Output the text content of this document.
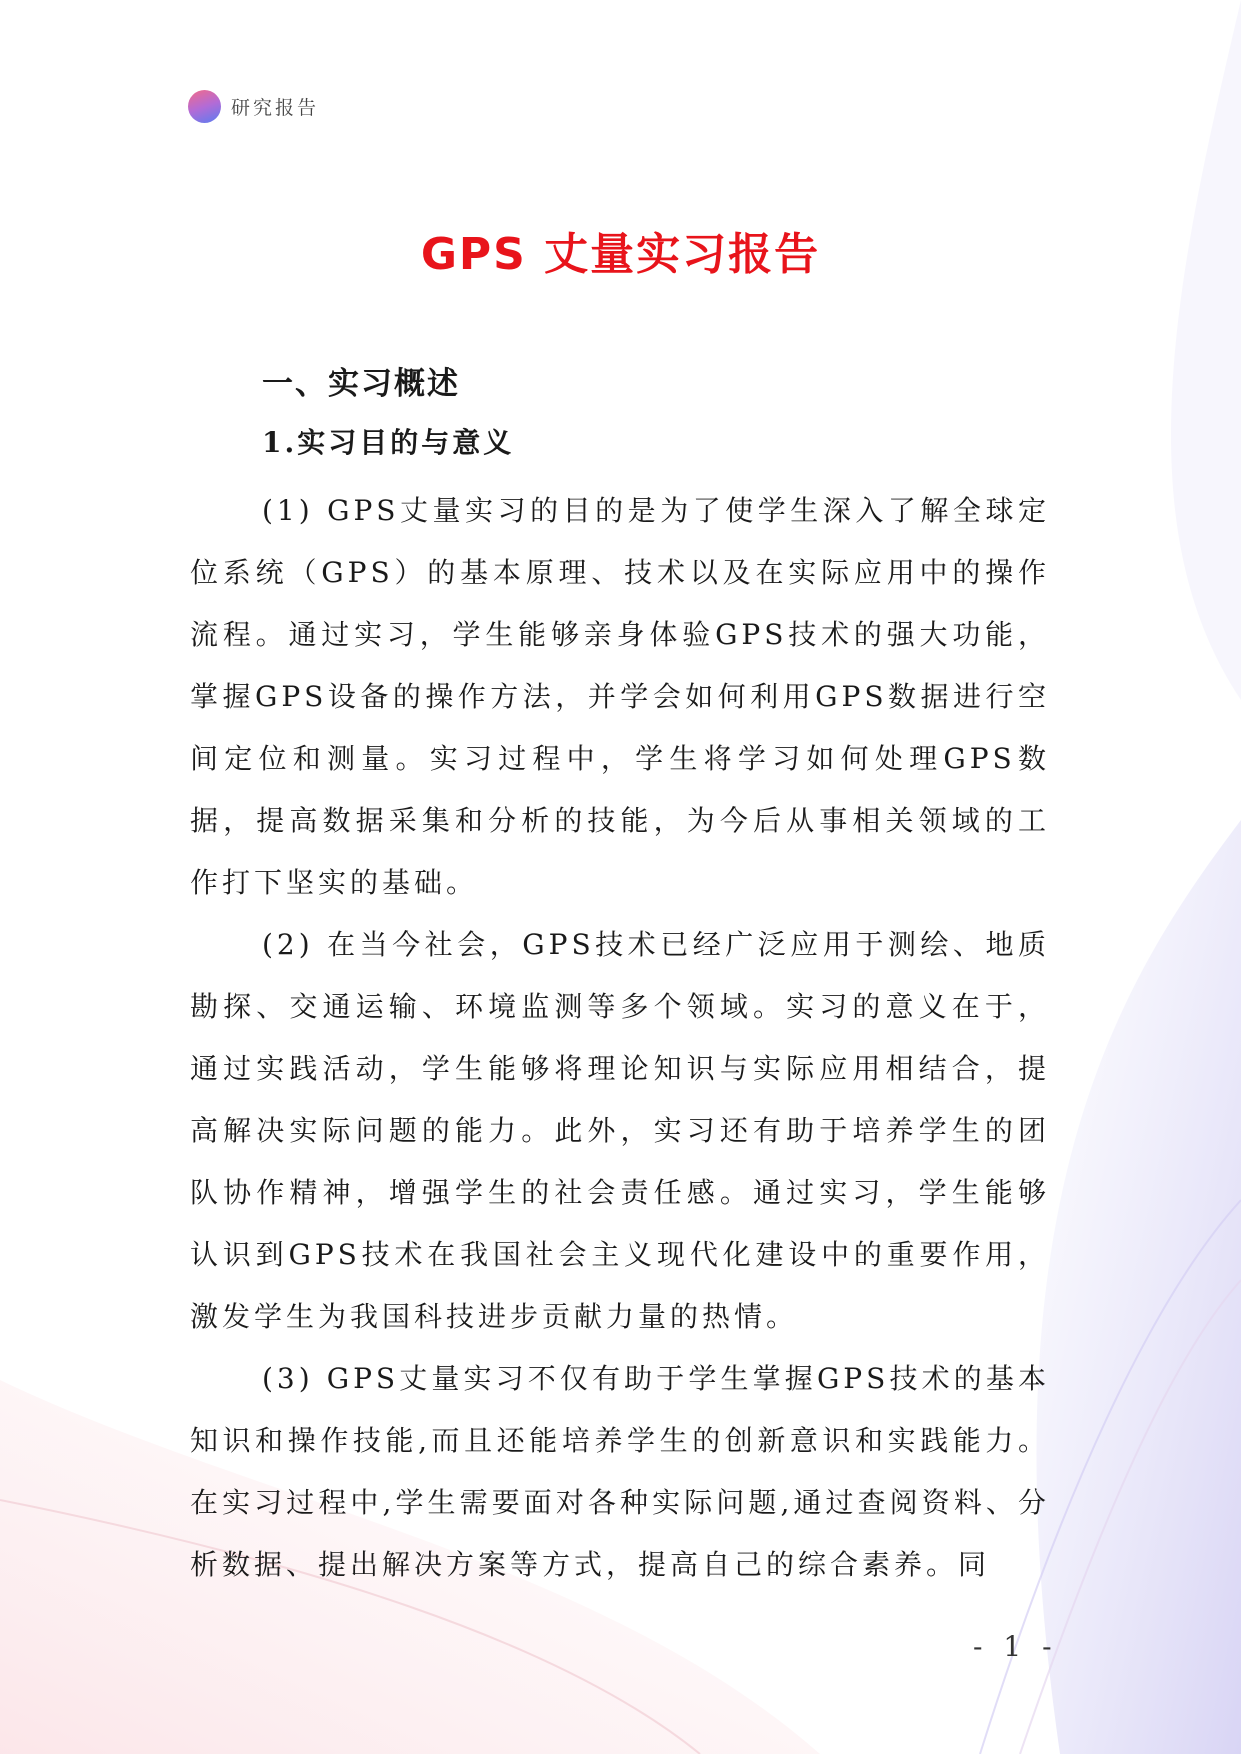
研究报告
GPS 丈量实习报告
一、实习概述
1.实习目的与意义

(1) GPS丈量实习的目的是为了使学生深入了解全球定位系统（GPS）的基本原理、技术以及在实际应用中的操作流程。通过实习，学生能够亲身体验GPS技术的强大功能，掌握GPS设备的操作方法，并学会如何利用GPS数据进行空间定位和测量。实习过程中，学生将学习如何处理GPS数据，提高数据采集和分析的技能，为今后从事相关领域的工作打下坚实的基础。

(2) 在当今社会，GPS技术已经广泛应用于测绘、地质勘探、交通运输、环境监测等多个领域。实习的意义在于，通过实践活动，学生能够将理论知识与实际应用相结合，提高解决实际问题的能力。此外，实习还有助于培养学生的团队协作精神，增强学生的社会责任感。通过实习，学生能够认识到GPS技术在我国社会主义现代化建设中的重要作用，激发学生为我国科技进步贡献力量的热情。

(3) GPS丈量实习不仅有助于学生掌握GPS技术的基本知识和操作技能,而且还能培养学生的创新意识和实践能力。在实习过程中,学生需要面对各种实际问题,通过查阅资料、分析数据、提出解决方案等方式，提高自己的综合素养。同

- 1 -
